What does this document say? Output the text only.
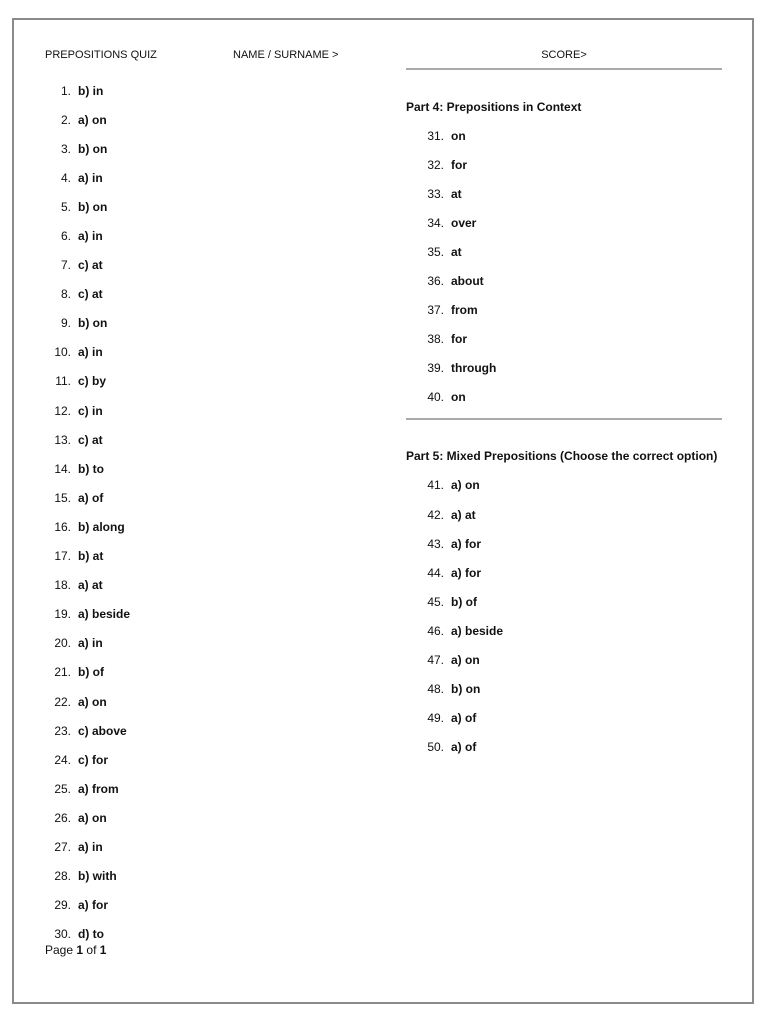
PREPOSITIONS QUIZ	NAME / SURNAME >	SCORE>
1. b) in
2. a) on
3. b) on
4. a) in
5. b) on
6. a) in
7. c) at
8. c) at
9. b) on
10. a) in
11. c) by
12. c) in
13. c) at
14. b) to
15. a) of
16. b) along
17. b) at
18. a) at
19. a) beside
20. a) in
21. b) of
22. a) on
23. c) above
24. c) for
25. a) from
26. a) on
27. a) in
28. b) with
29. a) for
30. d) to
Part 4: Prepositions in Context
31. on
32. for
33. at
34. over
35. at
36. about
37. from
38. for
39. through
40. on
Part 5: Mixed Prepositions (Choose the correct option)
41. a) on
42. a) at
43. a) for
44. a) for
45. b) of
46. a) beside
47. a) on
48. b) on
49. a) of
50. a) of
Page 1 of 1
